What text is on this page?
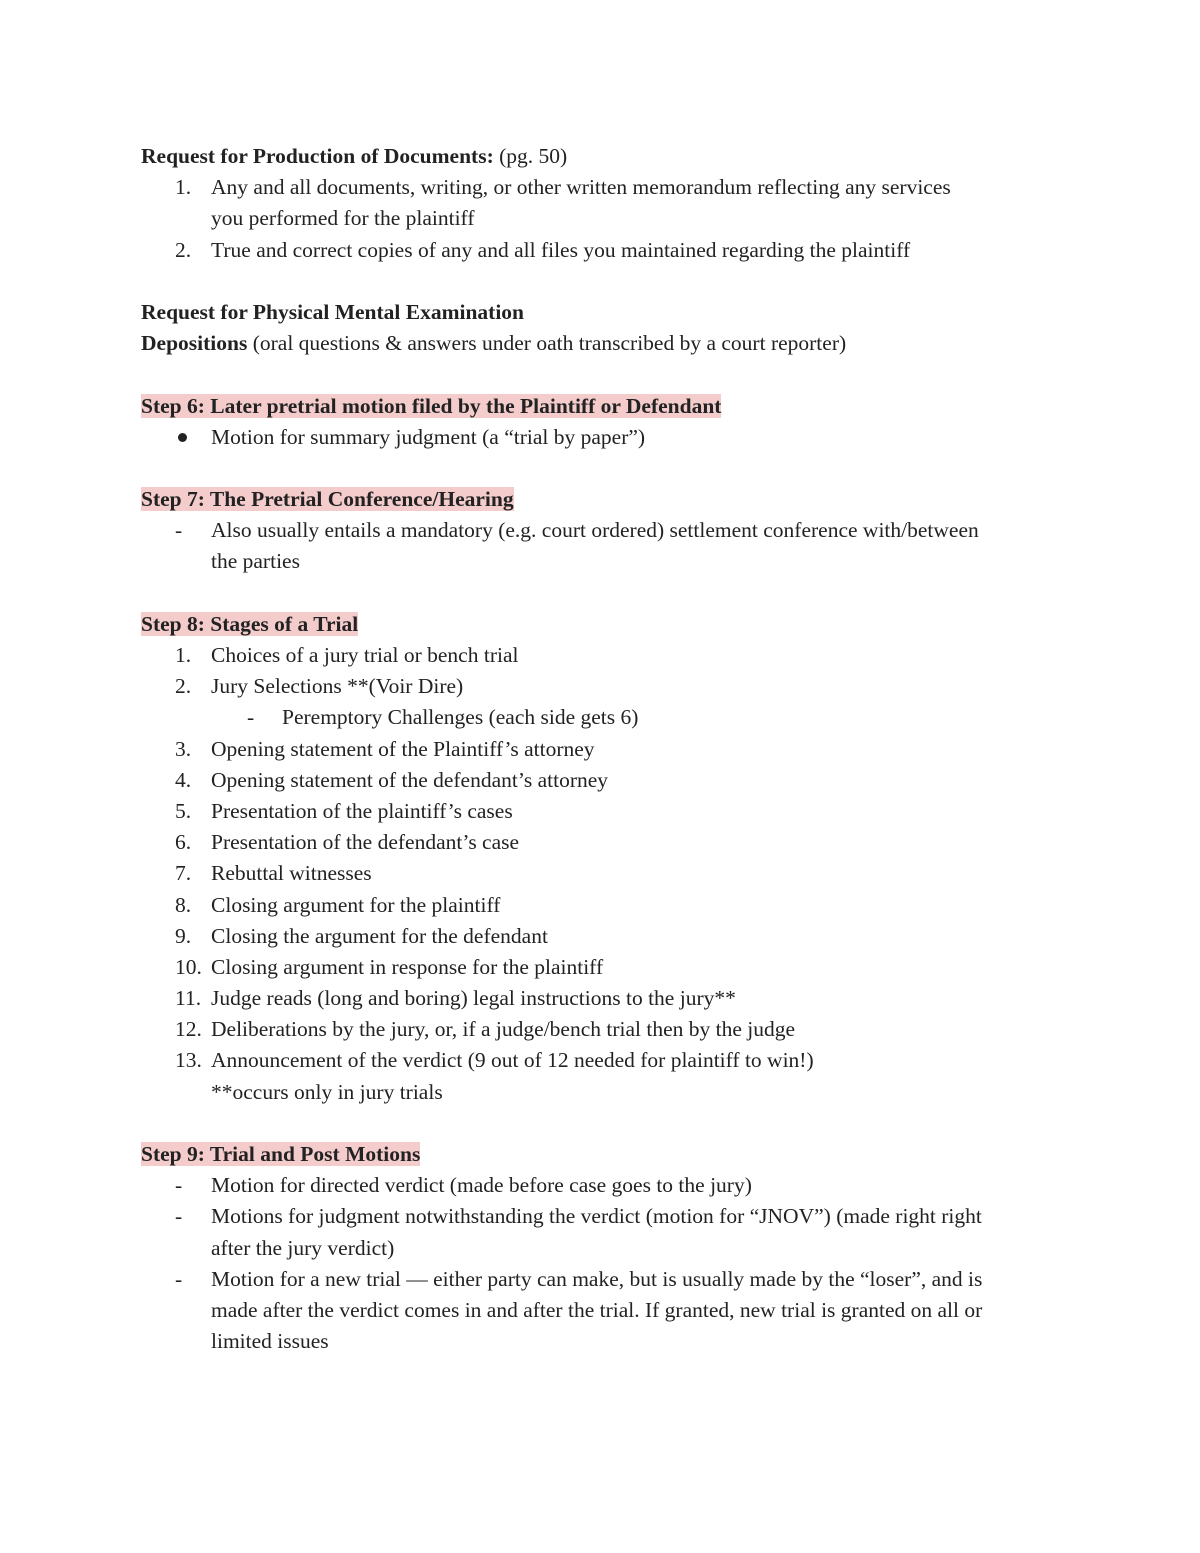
Request for Production of Documents: (pg. 50)
1. Any and all documents, writing, or other written memorandum reflecting any services
you performed for the plaintiff
2. True and correct copies of any and all files you maintained regarding the plaintiff
Request for Physical Mental Examination
Depositions (oral questions & answers under oath transcribed by a court reporter)
Step 6: Later pretrial motion filed by the Plaintiff or Defendant
Motion for summary judgment (a “trial by paper”)
Step 7: The Pretrial Conference/Hearing
- Also usually entails a mandatory (e.g. court ordered) settlement conference with/between
the parties
Step 8: Stages of a Trial
1. Choices of a jury trial or bench trial
2. Jury Selections **(Voir Dire)
- Peremptory Challenges (each side gets 6)
3. Opening statement of the Plaintiff’s attorney
4. Opening statement of the defendant’s attorney
5. Presentation of the plaintiff’s cases
6. Presentation of the defendant’s case
7. Rebuttal witnesses
8. Closing argument for the plaintiff
9. Closing the argument for the defendant
10. Closing argument in response for the plaintiff
11. Judge reads (long and boring) legal instructions to the jury**
12. Deliberations by the jury, or, if a judge/bench trial then by the judge
13. Announcement of the verdict (9 out of 12 needed for plaintiff to win!)
**occurs only in jury trials
Step 9: Trial and Post Motions
- Motion for directed verdict (made before case goes to the jury)
- Motions for judgment notwithstanding the verdict (motion for “JNOV”) (made right right
after the jury verdict)
- Motion for a new trial — either party can make, but is usually made by the “loser”, and is
made after the verdict comes in and after the trial. If granted, new trial is granted on all or
limited issues
